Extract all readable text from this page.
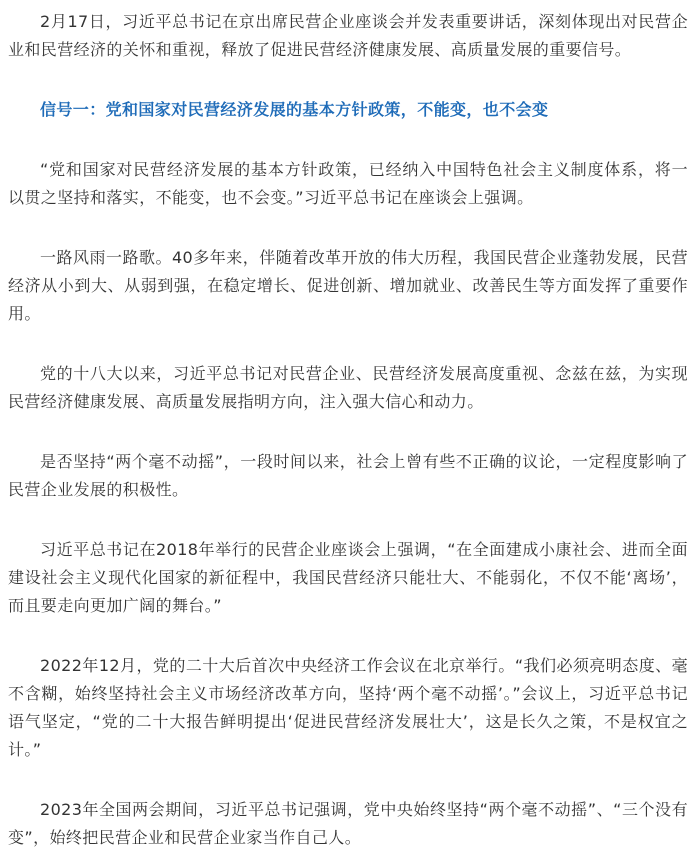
2月17日，习近平总书记在京出席民营企业座谈会并发表重要讲话，深刻体现出对民营企业和民营经济的关怀和重视，释放了促进民营经济健康发展、高质量发展的重要信号。

信号一：党和国家对民营经济发展的基本方针政策，不能变，也不会变

“党和国家对民营经济发展的基本方针政策，已经纳入中国特色社会主义制度体系，将一以贯之坚持和落实，不能变，也不会变。”习近平总书记在座谈会上强调。

一路风雨一路歌。40多年来，伴随着改革开放的伟大历程，我国民营企业蓬勃发展，民营经济从小到大、从弱到强，在稳定增长、促进创新、增加就业、改善民生等方面发挥了重要作用。

党的十八大以来，习近平总书记对民营企业、民营经济发展高度重视、念兹在兹，为实现民营经济健康发展、高质量发展指明方向，注入强大信心和动力。

是否坚持“两个毫不动摇”，一段时间以来，社会上曾有些不正确的议论，一定程度影响了民营企业发展的积极性。

习近平总书记在2018年举行的民营企业座谈会上强调，“在全面建成小康社会、进而全面建设社会主义现代化国家的新征程中，我国民营经济只能壮大、不能弱化，不仅不能‘离场’，而且要走向更加广阔的舞台。”

2022年12月，党的二十大后首次中央经济工作会议在北京举行。“我们必须亮明态度、毫不含糊，始终坚持社会主义市场经济改革方向，坚持‘两个毫不动摇’。”会议上，习近平总书记语气坚定，“党的二十大报告鲜明提出‘促进民营经济发展壮大’，这是长久之策，不是权宜之计。”

2023年全国两会期间，习近平总书记强调，党中央始终坚持“两个毫不动摇”、“三个没有变”，始终把民营企业和民营企业家当作自己人。
